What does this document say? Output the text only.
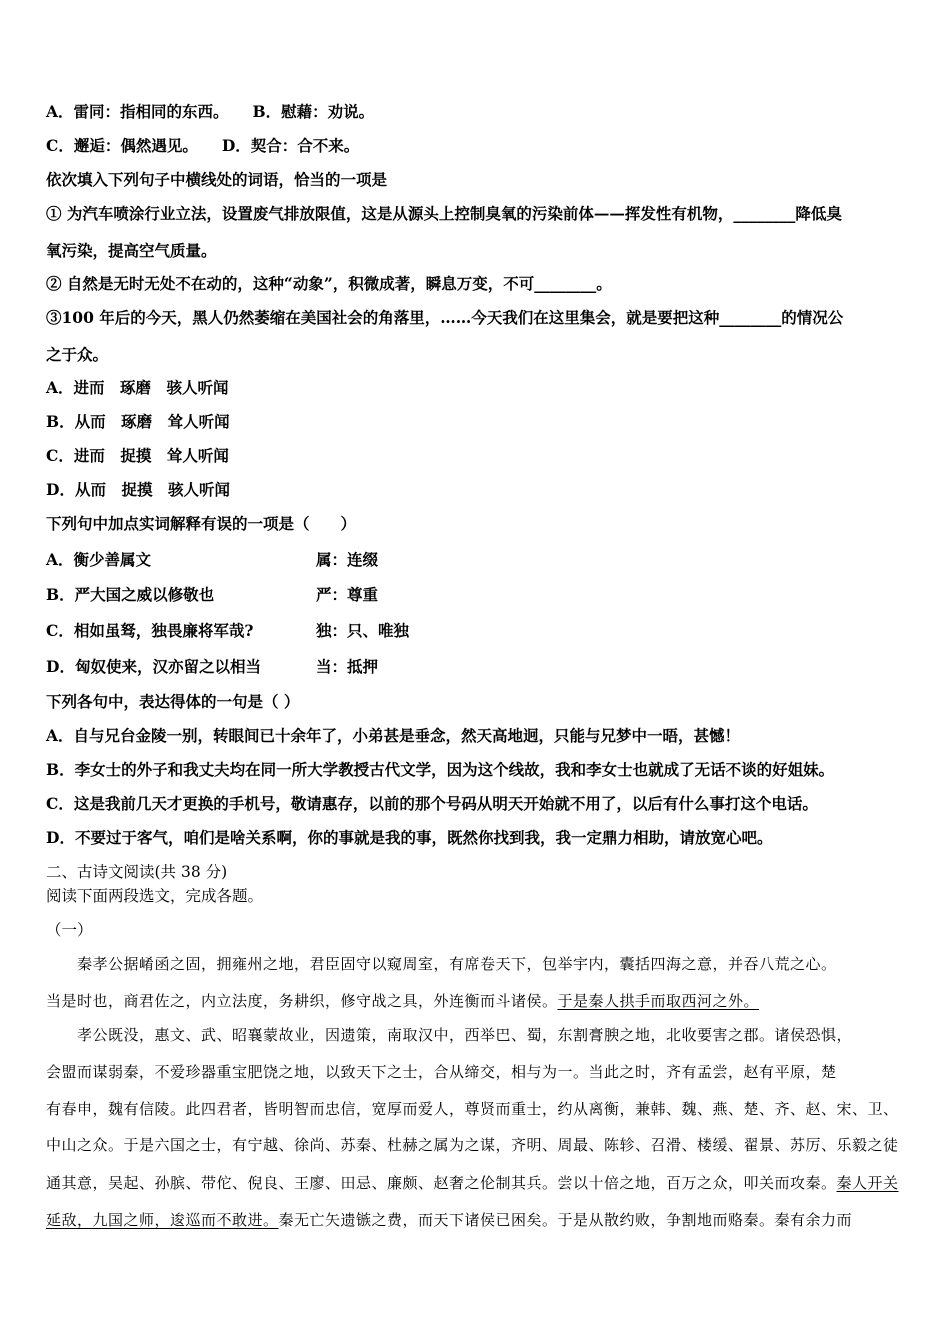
A．雷同：指相同的东西。 B．慰藉：劝说。
C．邂逅：偶然遇见。 D．契合：合不来。
依次填入下列句子中横线处的词语，恰当的一项是
① 为汽车喷涂行业立法，设置废气排放限值，这是从源头上控制臭氧的污染前体——挥发性有机物，________降低臭
氧污染，提高空气质量。
② 自然是无时无处不在动的，这种“动象”，积微成著，瞬息万变，不可________。
③100 年后的今天，黑人仍然萎缩在美国社会的角落里，……今天我们在这里集会，就是要把这种________的情况公
之于众。
A．进而　琢磨　骇人听闻
B．从而　琢磨　耸人听闻
C．进而　捉摸　耸人听闻
D．从而　捉摸　骇人听闻
下列句中加点实词解释有误的一项是（　　）
A．衡少善属文	属：连缀
B．严大国之威以修敬也	严：尊重
C．相如虽驽，独畏廉将军哉?	独：只、唯独
D．匈奴使来，汉亦留之以相当	当：抵押
下列各句中，表达得体的一句是（ ）
A．自与兄台金陵一别，转眼间已十余年了，小弟甚是垂念，然天高地迥，只能与兄梦中一晤，甚憾！
B．李女士的外子和我丈夫均在同一所大学教授古代文学，因为这个线故，我和李女士也就成了无话不谈的好姐妹。
C．这是我前几天才更换的手机号，敬请惠存，以前的那个号码从明天开始就不用了，以后有什么事打这个电话。
D．不要过于客气，咱们是啥关系啊，你的事就是我的事，既然你找到我，我一定鼎力相助，请放宽心吧。
二、古诗文阅读(共 38 分)
阅读下面两段选文，完成各题。
（一）
秦孝公据崤函之固，拥雍州之地，君臣固守以窥周室，有席卷天下，包举宇内，囊括四海之意，并吞八荒之心。
当是时也，商君佐之，内立法度，务耕织，修守战之具，外连衡而斗诸侯。于是秦人拱手而取西河之外。
孝公既没，惠文、武、昭襄蒙故业，因遗策，南取汉中，西举巴、蜀，东割膏腴之地，北收要害之郡。诸侯恐惧，
会盟而谋弱秦，不爱珍器重宝肥饶之地，以致天下之士，合从缔交，相与为一。当此之时，齐有孟尝，赵有平原，楚
有春申，魏有信陵。此四君者，皆明智而忠信，宽厚而爱人，尊贤而重士，约从离衡，兼韩、魏、燕、楚、齐、赵、宋、卫、
中山之众。于是六国之士，有宁越、徐尚、苏秦、杜赫之属为之谋，齐明、周最、陈轸、召滑、楼缓、翟景、苏厉、乐毅之徒
通其意，吴起、孙膑、带佗、倪良、王廖、田忌、廉颇、赵奢之伦制其兵。尝以十倍之地，百万之众，叩关而攻秦。秦人开关
延敌，九国之师，逡巡而不敢进。秦无亡矢遗镞之费，而天下诸侯已困矣。于是从散约败，争割地而赂秦。秦有余力而
